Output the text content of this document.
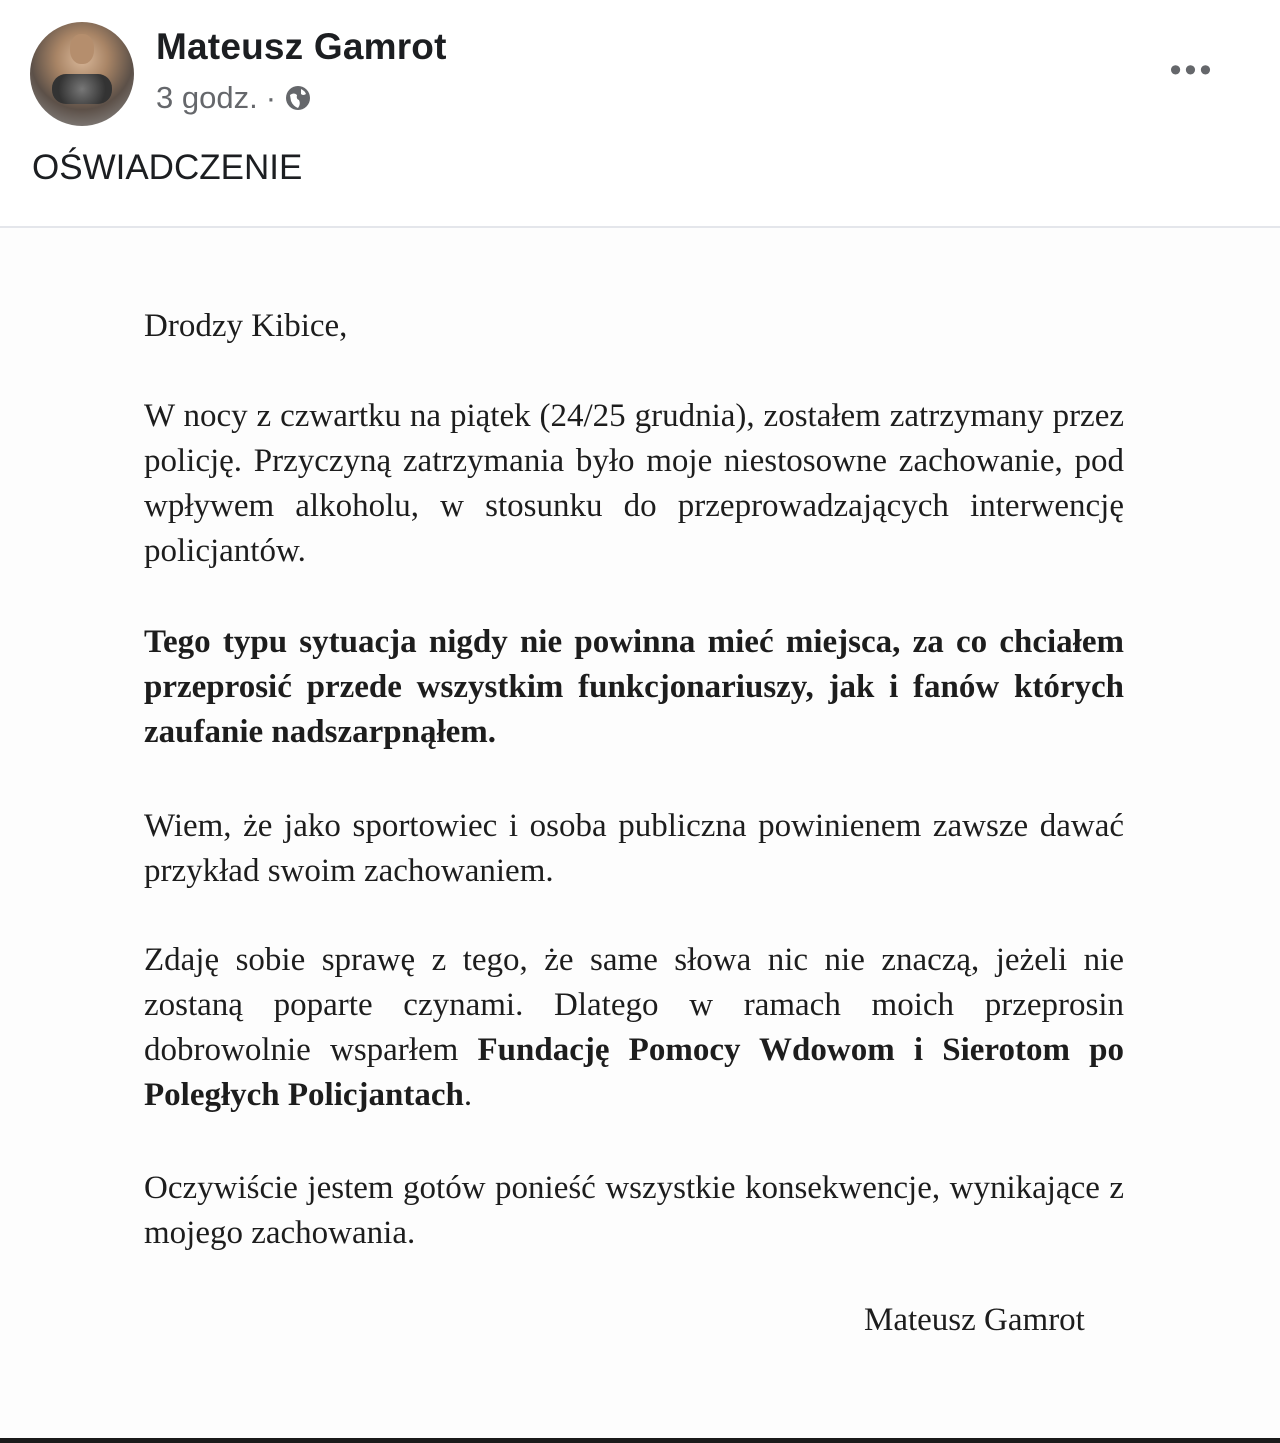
Mateusz Gamrot
3 godz. ·
•••
OŚWIADCZENIE

Drodzy Kibice,

W nocy z czwartku na piątek (24/25 grudnia), zostałem zatrzymany przez policję. Przyczyną zatrzymania było moje niestosowne zachowanie, pod wpływem alkoholu, w stosunku do przeprowadzających interwencję policjantów.

Tego typu sytuacja nigdy nie powinna mieć miejsca, za co chciałem przeprosić przede wszystkim funkcjonariuszy, jak i fanów których zaufanie nadszarpnąłem.

Wiem, że jako sportowiec i osoba publiczna powinienem zawsze dawać przykład swoim zachowaniem.

Zdaję sobie sprawę z tego, że same słowa nic nie znaczą, jeżeli nie zostaną poparte czynami. Dlatego w ramach moich przeprosin dobrowolnie wsparłem Fundację Pomocy Wdowom i Sierotom po Poległych Policjantach.

Oczywiście jestem gotów ponieść wszystkie konsekwencje, wynikające z mojego zachowania.

Mateusz Gamrot
